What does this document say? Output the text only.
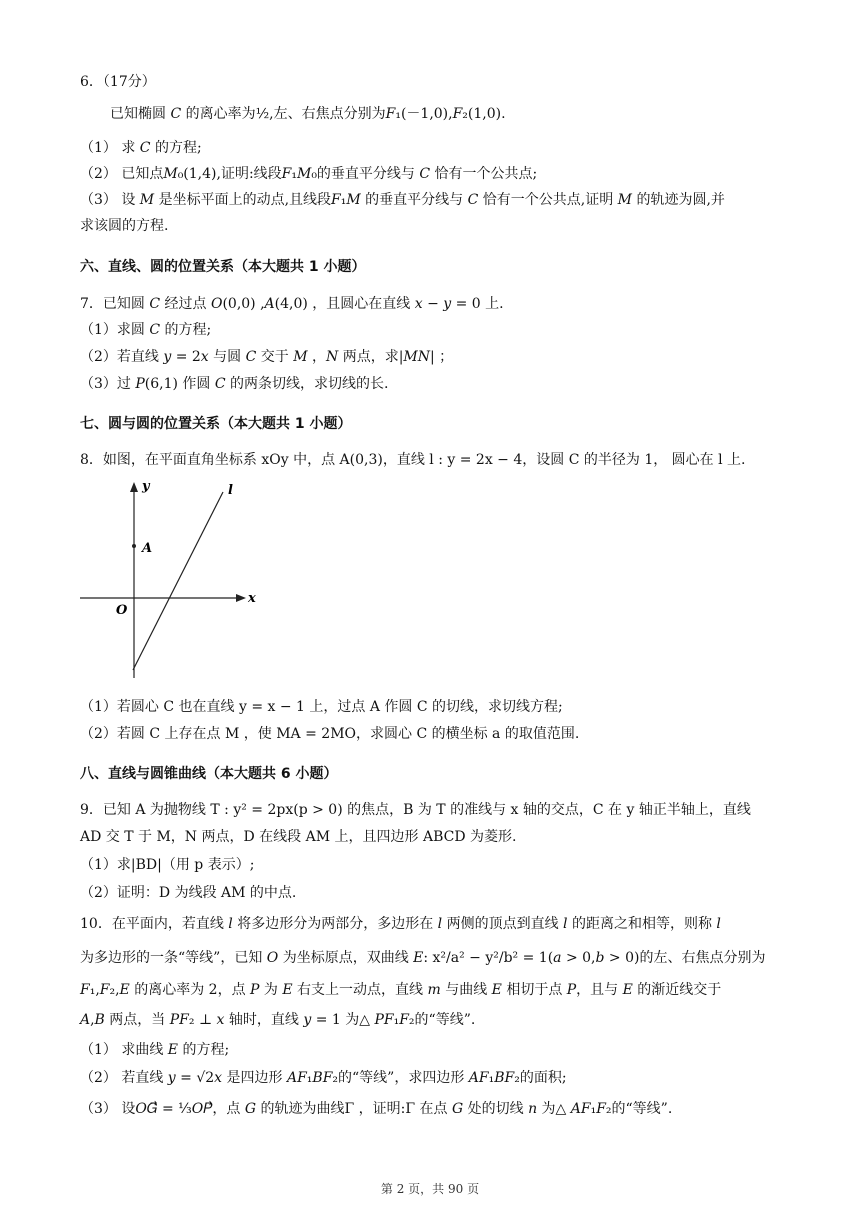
6．（17分）
已知椭圆 𝐶 的离心率为½,左、右焦点分别为𝐹₁(－1,0),𝐹₂(1,0).
（1） 求 𝐶 的方程;
（2） 已知点𝑀₀(1,4),证明:线段𝐹₁𝑀₀的垂直平分线与 𝐶 恰有一个公共点;
（3） 设 𝑀 是坐标平面上的动点,且线段𝐹₁𝑀 的垂直平分线与 𝐶 恰有一个公共点,证明 𝑀 的轨迹为圆,并
求该圆的方程.
六、直线、圆的位置关系（本大题共 1 小题）
7．已知圆 𝐶 经过点 𝑂(0,0) ,𝐴(4,0) ，且圆心在直线 𝑥 − 𝑦 = 0 上.
（1）求圆 𝐶 的方程;
（2）若直线 𝑦 = 2𝑥 与圆 𝐶 交于 𝑀 ，𝑁 两点，求|𝑀𝑁| ；
（3）过 𝑃(6,1) 作圆 𝐶 的两条切线，求切线的长.
七、圆与圆的位置关系（本大题共 1 小题）
8．如图，在平面直角坐标系 xOy 中，点 A(0,3)，直线 l : y = 2x − 4，设圆 C 的半径为 1， 圆心在 l 上.
y
x
A
O
l
（1）若圆心 C 也在直线 y = x − 1 上，过点 A 作圆 C 的切线，求切线方程;
（2）若圆 C 上存在点 M ，使 MA = 2MO，求圆心 C 的横坐标 a 的取值范围.
八、直线与圆锥曲线（本大题共 6 小题）
9．已知 A 为抛物线 T : y² = 2px(p > 0) 的焦点，B 为 T 的准线与 x 轴的交点，C 在 y 轴正半轴上，直线
AD 交 T 于 M，N 两点，D 在线段 AM 上，且四边形 ABCD 为菱形.
（1）求|BD|（用 p 表示）;
（2）证明：D 为线段 AM 的中点.
10．在平面内，若直线 𝑙 将多边形分为两部分，多边形在 𝑙 两侧的顶点到直线 𝑙 的距离之和相等，则称 𝑙
为多边形的一条“等线”，已知 𝑂 为坐标原点，双曲线 𝐸: x²/a² − y²/b² = 1(𝑎 > 0,𝑏 > 0)的左、右焦点分别为
𝐹₁,𝐹₂,𝐸 的离心率为 2，点 𝑃 为 𝐸 右支上一动点，直线 𝑚 与曲线 𝐸 相切于点 𝑃，且与 𝐸 的渐近线交于
𝐴,𝐵 两点，当 𝑃𝐹₂ ⊥ 𝑥 轴时，直线 𝑦 = 1 为△ 𝑃𝐹₁𝐹₂的“等线”.
（1） 求曲线 𝐸 的方程;
（2） 若直线 𝑦 = √2𝑥 是四边形 𝐴𝐹₁𝐵𝐹₂的“等线”，求四边形 𝐴𝐹₁𝐵𝐹₂的面积;
（3） 设𝑂𝐺⃗ = ⅓𝑂𝑃⃗，点 𝐺 的轨迹为曲线Γ ，证明:Γ 在点 𝐺 处的切线 𝑛 为△ 𝐴𝐹₁𝐹₂的“等线”.
第 2 页，共 90 页
